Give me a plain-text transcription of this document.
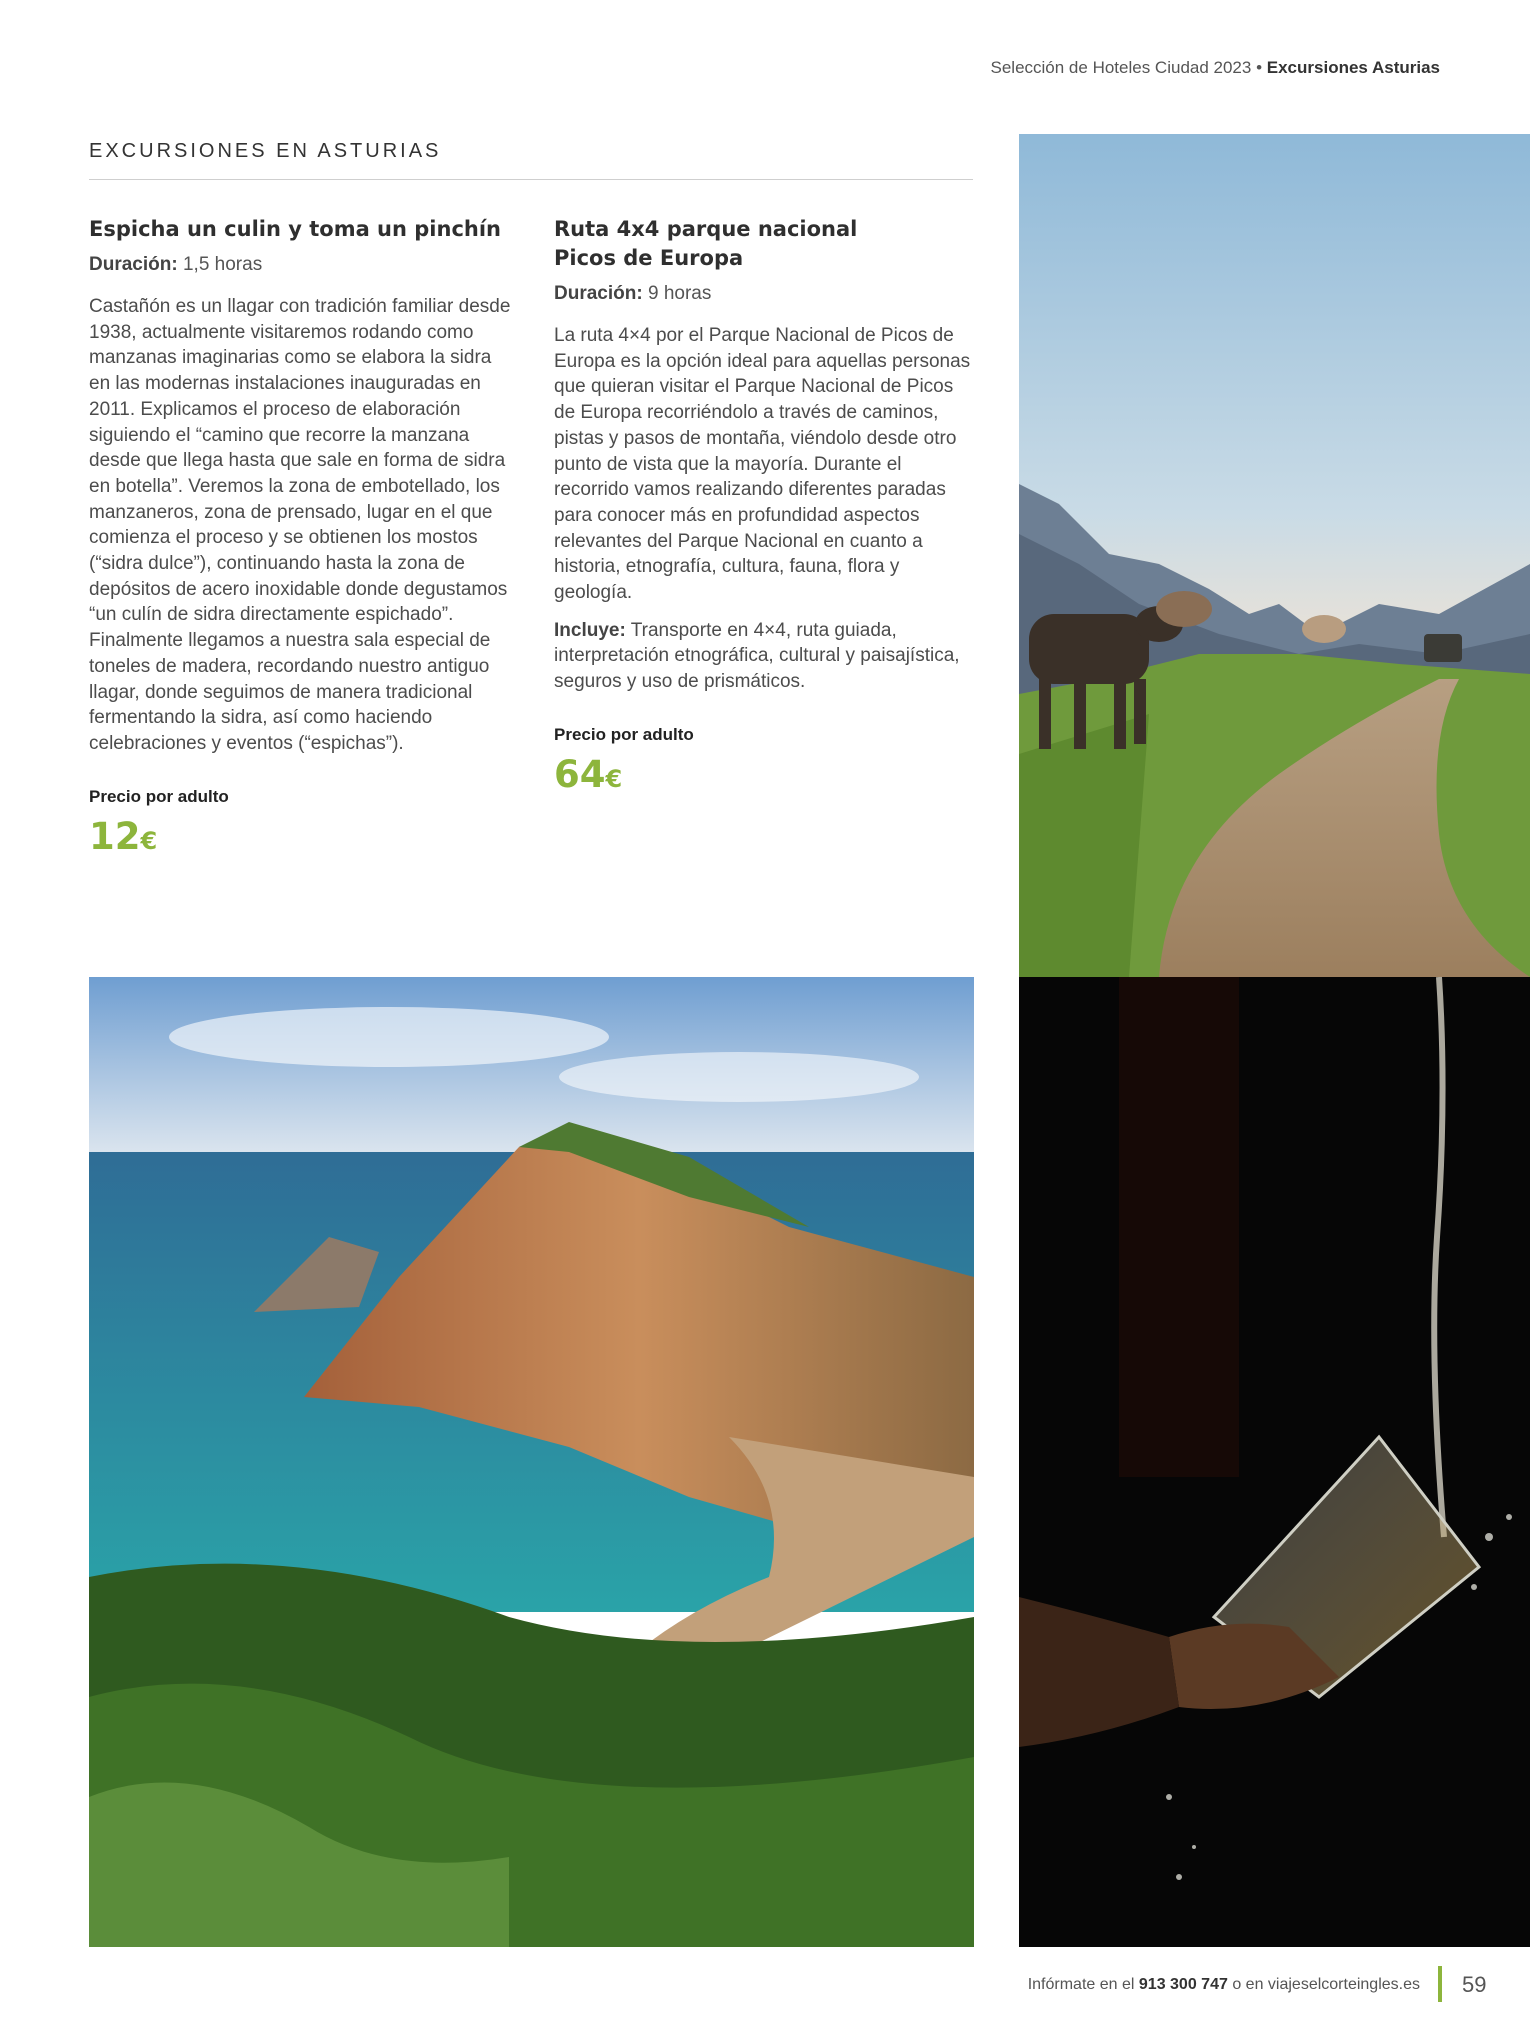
Selección de Hoteles Ciudad 2023 • Excursiones Asturias
EXCURSIONES EN ASTURIAS
Espicha un culin y toma un pinchín

Duración: 1,5 horas

Castañón es un llagar con tradición familiar desde 1938, actualmente visitaremos rodando como manzanas imaginarias como se elabora la sidra en las modernas instalaciones inauguradas en 2011. Explicamos el proceso de elaboración siguiendo el “camino que recorre la manzana desde que llega hasta que sale en forma de sidra en botella”. Veremos la zona de embotellado, los manzaneros, zona de prensado, lugar en el que comienza el proceso y se obtienen los mostos (“sidra dulce”), continuando hasta la zona de depósitos de acero inoxidable donde degustamos “un culín de sidra directamente espichado”. Finalmente llegamos a nuestra sala especial de toneles de madera, recordando nuestro antiguo llagar, donde seguimos de manera tradicional fermentando la sidra, así como haciendo celebraciones y eventos (“espichas”).

Precio por adulto

12€
Ruta 4x4 parque nacional
Picos de Europa

Duración: 9 horas

La ruta 4×4 por el Parque Nacional de Picos de Europa es la opción ideal para aquellas personas que quieran visitar el Parque Nacional de Picos de Europa recorriéndolo a través de caminos, pistas y pasos de montaña, viéndolo desde otro punto de vista que la mayoría. Durante el recorrido vamos realizando diferentes paradas para conocer más en profundidad aspectos relevantes del Parque Nacional en cuanto a historia, etnografía, cultura, fauna, flora y geología.

Incluye: Transporte en 4×4, ruta guiada, interpretación etnográfica, cultural y paisajística, seguros y uso de prismáticos.

Precio por adulto

64€
Infórmate en el 913 300 747 o en viajeselcorteingles.es 59
